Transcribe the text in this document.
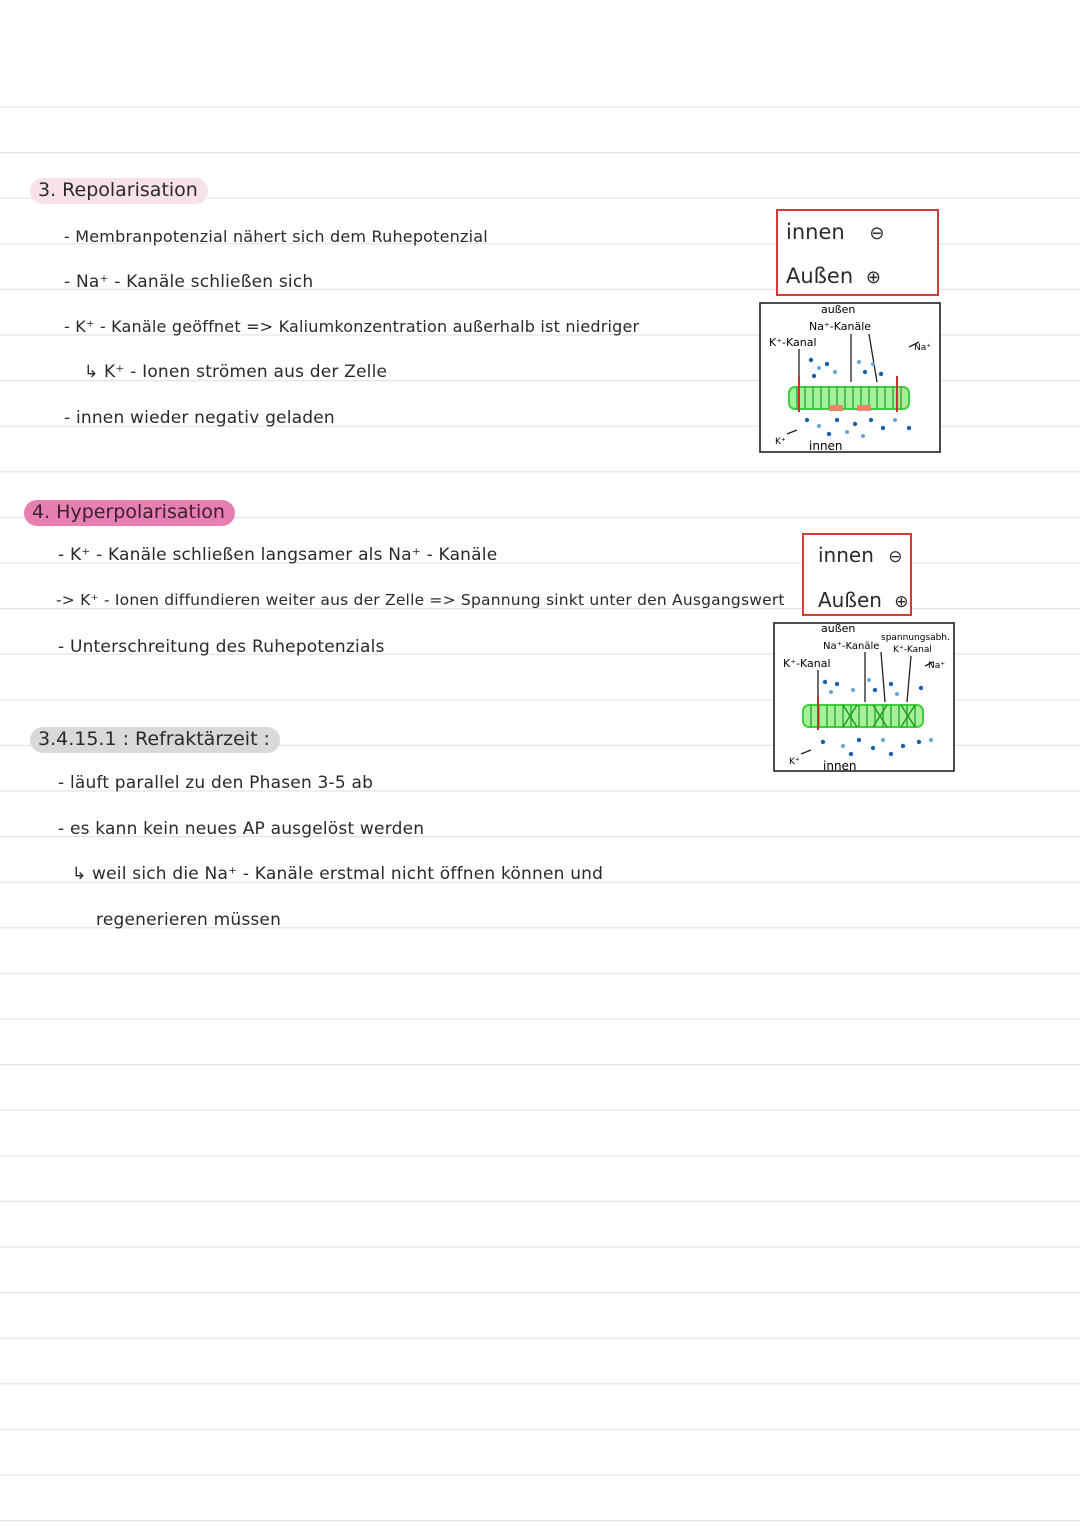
3. Repolarisation
- Membranpotenzial nähert sich dem Ruhepotenzial
- Na⁺ - Kanäle schließen sich
- K⁺ - Kanäle geöffnet => Kaliumkonzentration außerhalb ist niedriger
↳ K⁺ - Ionen strömen aus der Zelle
- innen wieder negativ geladen
4. Hyperpolarisation
- K⁺ - Kanäle schließen langsamer als Na⁺ - Kanäle
-> K⁺ - Ionen diffundieren weiter aus der Zelle => Spannung sinkt unter den Ausgangswert
- Unterschreitung des Ruhepotenzials
3.4.15.1 : Refraktärzeit :
- läuft parallel zu den Phasen 3-5 ab
- es kann kein neues AP ausgelöst werden
↳ weil sich die Na⁺ - Kanäle erstmal nicht öffnen können und
regenerieren müssen
innen ⊖
Außen ⊕
innen ⊖
Außen ⊕
außen
Na⁺-Kanäle
K⁺-Kanal	Na⁺
K⁺ innen
außen
Na⁺-Kanäle
spannungsabh.
K⁺-Kanal
K⁺-Kanal	Na⁺
K⁺ innen
